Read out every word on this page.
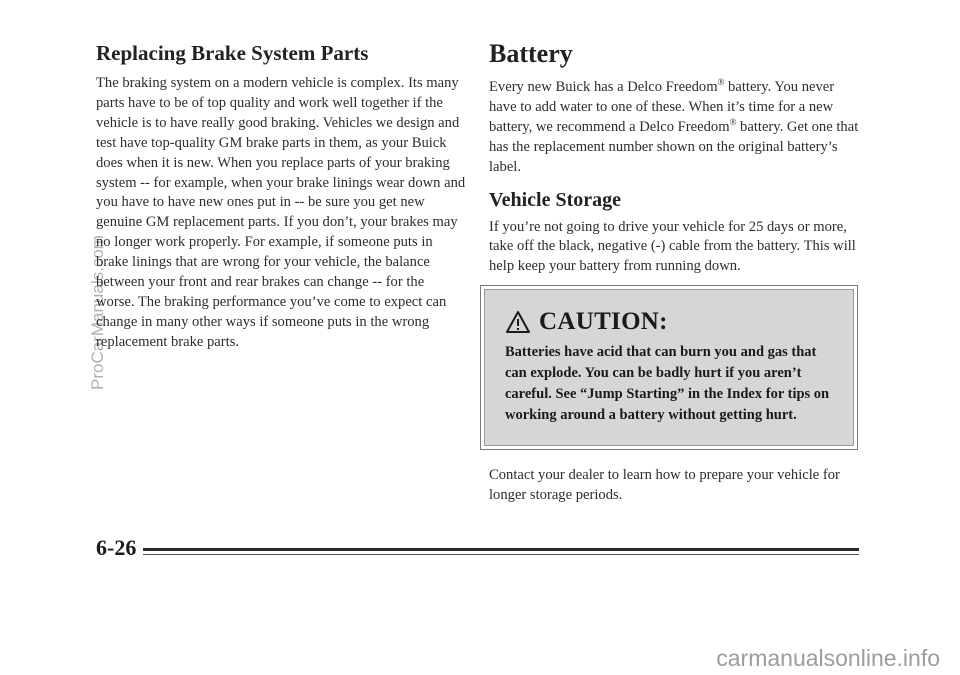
ProCarManuals.com
Replacing Brake System Parts

The braking system on a modern vehicle is complex. Its many parts have to be of top quality and work well together if the vehicle is to have really good braking. Vehicles we design and test have top-quality GM brake parts in them, as your Buick does when it is new. When you replace parts of your braking system -- for example, when your brake linings wear down and you have to have new ones put in -- be sure you get new genuine GM replacement parts. If you don’t, your brakes may no longer work properly. For example, if someone puts in brake linings that are wrong for your vehicle, the balance between your front and rear brakes can change -- for the worse. The braking performance you’ve come to expect can change in many other ways if someone puts in the wrong replacement brake parts.

Battery

Every new Buick has a Delco Freedom® battery. You never have to add water to one of these. When it’s time for a new battery, we recommend a Delco Freedom® battery. Get one that has the replacement number shown on the original battery’s label.

Vehicle Storage

If you’re not going to drive your vehicle for 25 days or more, take off the black, negative (-) cable from the battery. This will help keep your battery from running down.

CAUTION:
Batteries have acid that can burn you and gas that can explode. You can be badly hurt if you aren’t careful. See “Jump Starting” in the Index for tips on working around a battery without getting hurt.

Contact your dealer to learn how to prepare your vehicle for longer storage periods.

6-26
carmanualsonline.info
